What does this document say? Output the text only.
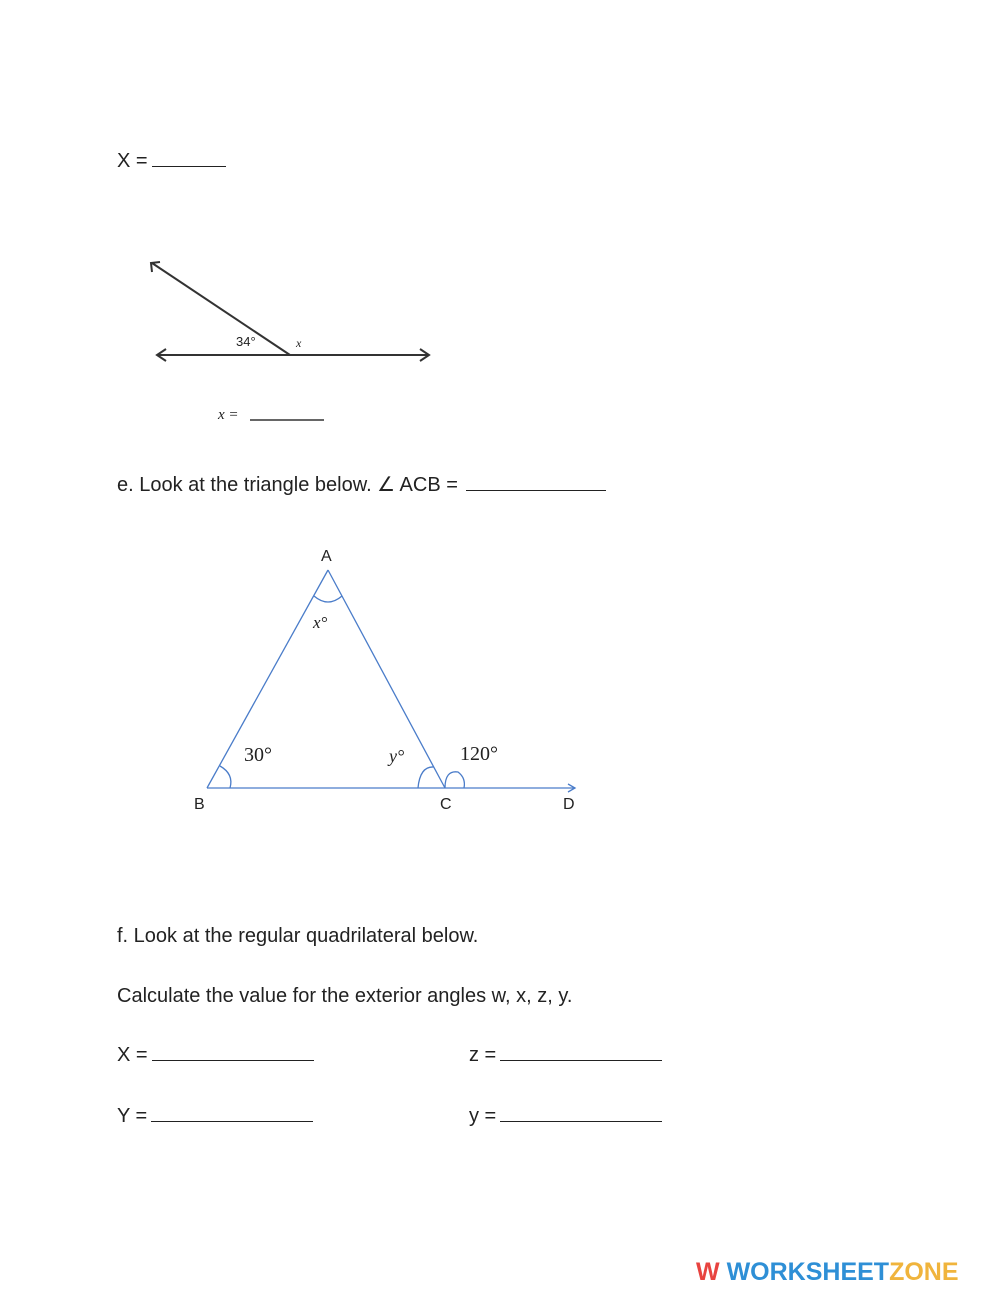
X =
34°	x
x =
e. Look at the triangle below. ∠ ACB =
A
B	C	D
x°
30°	y°	120°
f. Look at the regular quadrilateral below.
Calculate the value for the exterior angles w, x, z, y.
X =	z =
Y =	y =
W WORKSHEETZONE
